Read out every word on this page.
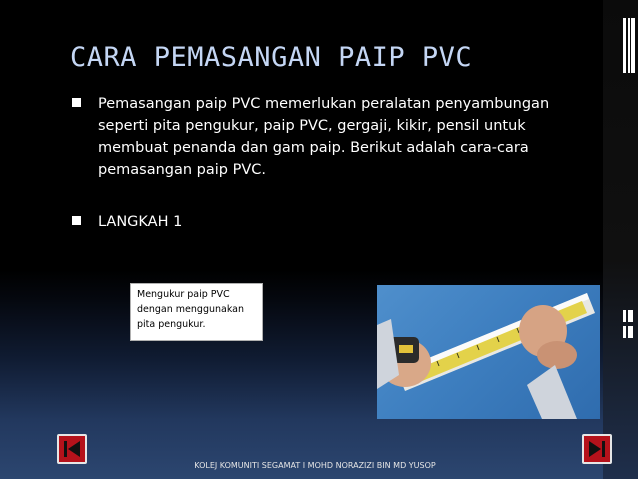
CARA PEMASANGAN PAIP PVC
Pemasangan paip PVC memerlukan peralatan penyambungan seperti pita pengukur, paip PVC, gergaji, kikir, pensil untuk membuat penanda dan gam paip. Berikut adalah cara-cara pemasangan paip PVC.
LANGKAH 1
Mengukur paip PVC dengan menggunakan pita pengukur.
KOLEJ KOMUNITI SEGAMAT I MOHD NORAZIZI BIN MD YUSOP
